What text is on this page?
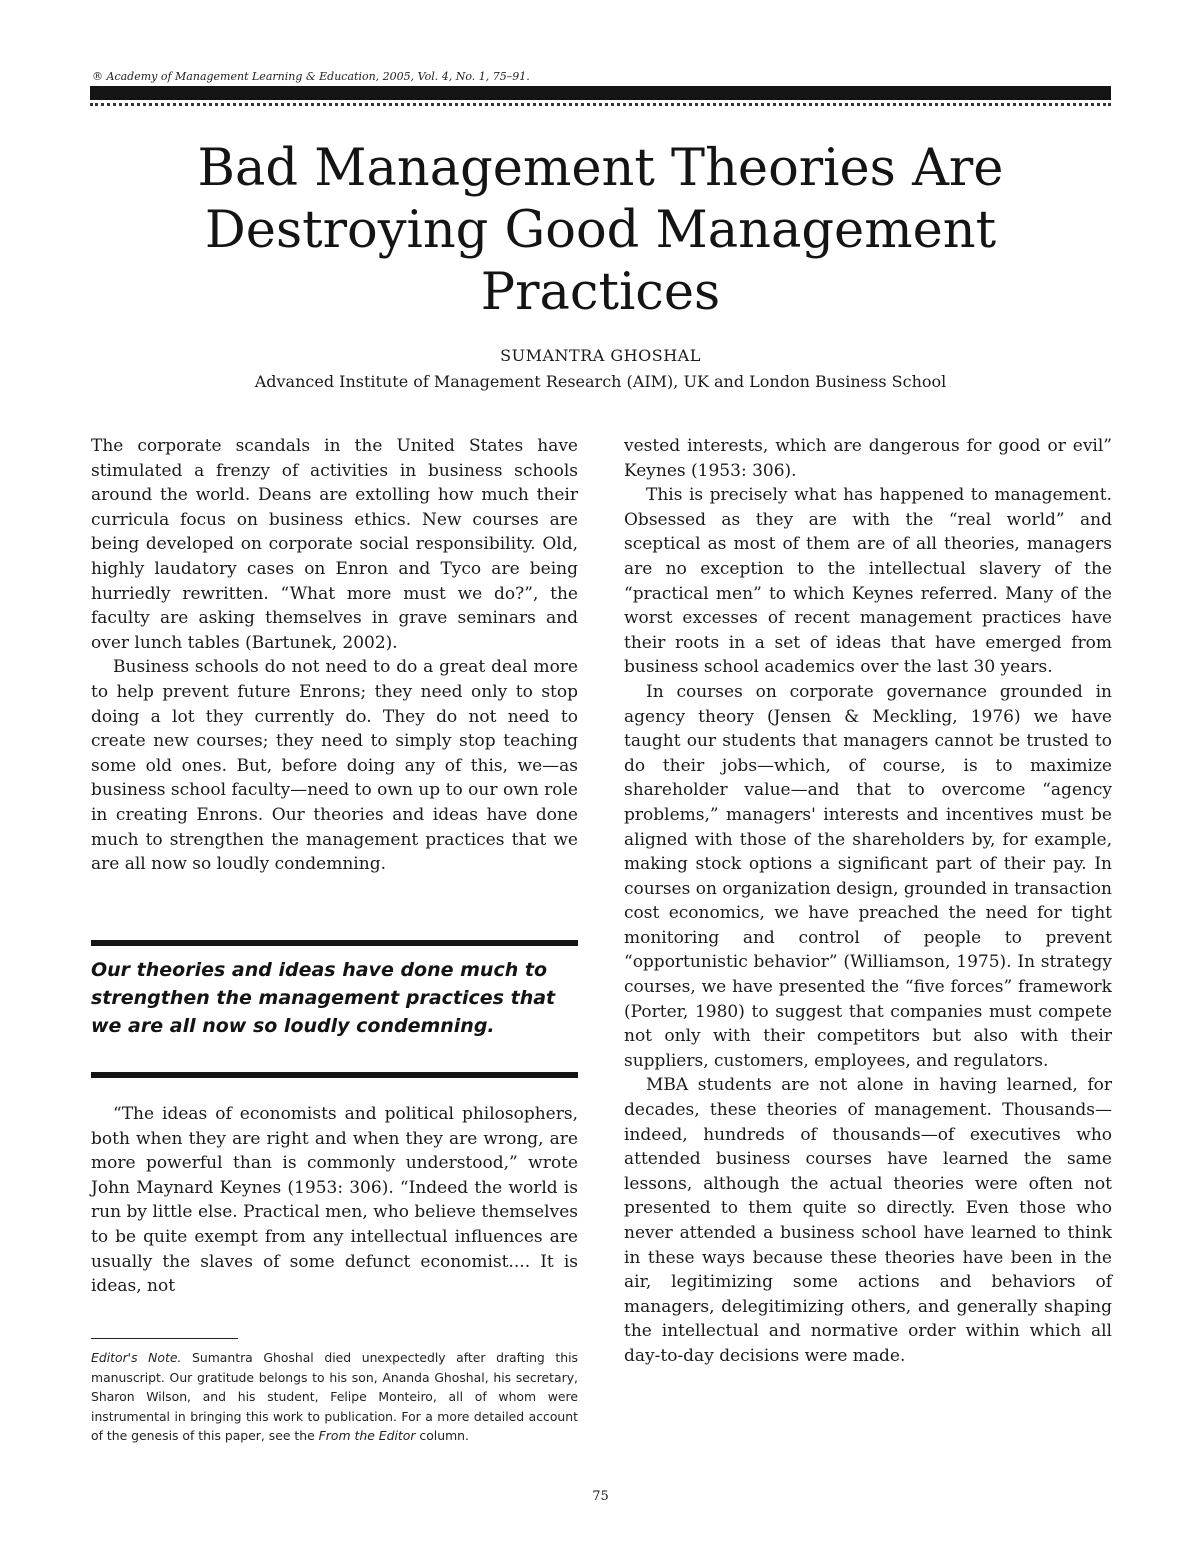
® Academy of Management Learning & Education, 2005, Vol. 4, No. 1, 75–91.
Bad Management Theories Are
Destroying Good Management
Practices
SUMANTRA GHOSHAL
Advanced Institute of Management Research (AIM), UK and London Business School

The corporate scandals in the United States have stimulated a frenzy of activities in business schools around the world. Deans are extolling how much their curricula focus on business ethics. New courses are being developed on corporate social responsibility. Old, highly laudatory cases on Enron and Tyco are being hurriedly rewritten. “What more must we do?”, the faculty are asking themselves in grave seminars and over lunch tables (Bartunek, 2002).

Business schools do not need to do a great deal more to help prevent future Enrons; they need only to stop doing a lot they currently do. They do not need to create new courses; they need to simply stop teaching some old ones. But, before doing any of this, we—as business school faculty—need to own up to our own role in creating Enrons. Our theories and ideas have done much to strengthen the management practices that we are all now so loudly condemning.

Our theories and ideas have done much to strengthen the management practices that we are all now so loudly condemning.

“The ideas of economists and political philosophers, both when they are right and when they are wrong, are more powerful than is commonly understood,” wrote John Maynard Keynes (1953: 306). “Indeed the world is run by little else. Practical men, who believe themselves to be quite exempt from any intellectual influences are usually the slaves of some defunct economist.... It is ideas, not

Editor's Note. Sumantra Ghoshal died unexpectedly after drafting this manuscript. Our gratitude belongs to his son, Ananda Ghoshal, his secretary, Sharon Wilson, and his student, Felipe Monteiro, all of whom were instrumental in bringing this work to publication. For a more detailed account of the genesis of this paper, see the From the Editor column.

vested interests, which are dangerous for good or evil” Keynes (1953: 306).

This is precisely what has happened to management. Obsessed as they are with the “real world” and sceptical as most of them are of all theories, managers are no exception to the intellectual slavery of the “practical men” to which Keynes referred. Many of the worst excesses of recent management practices have their roots in a set of ideas that have emerged from business school academics over the last 30 years.

In courses on corporate governance grounded in agency theory (Jensen & Meckling, 1976) we have taught our students that managers cannot be trusted to do their jobs—which, of course, is to maximize shareholder value—and that to overcome “agency problems,” managers' interests and incentives must be aligned with those of the shareholders by, for example, making stock options a significant part of their pay. In courses on organization design, grounded in transaction cost economics, we have preached the need for tight monitoring and control of people to prevent “opportunistic behavior” (Williamson, 1975). In strategy courses, we have presented the “five forces” framework (Porter, 1980) to suggest that companies must compete not only with their competitors but also with their suppliers, customers, employees, and regulators.

MBA students are not alone in having learned, for decades, these theories of management. Thousands—indeed, hundreds of thousands—of executives who attended business courses have learned the same lessons, although the actual theories were often not presented to them quite so directly. Even those who never attended a business school have learned to think in these ways because these theories have been in the air, legitimizing some actions and behaviors of managers, delegitimizing others, and generally shaping the intellectual and normative order within which all day-to-day decisions were made.

75
